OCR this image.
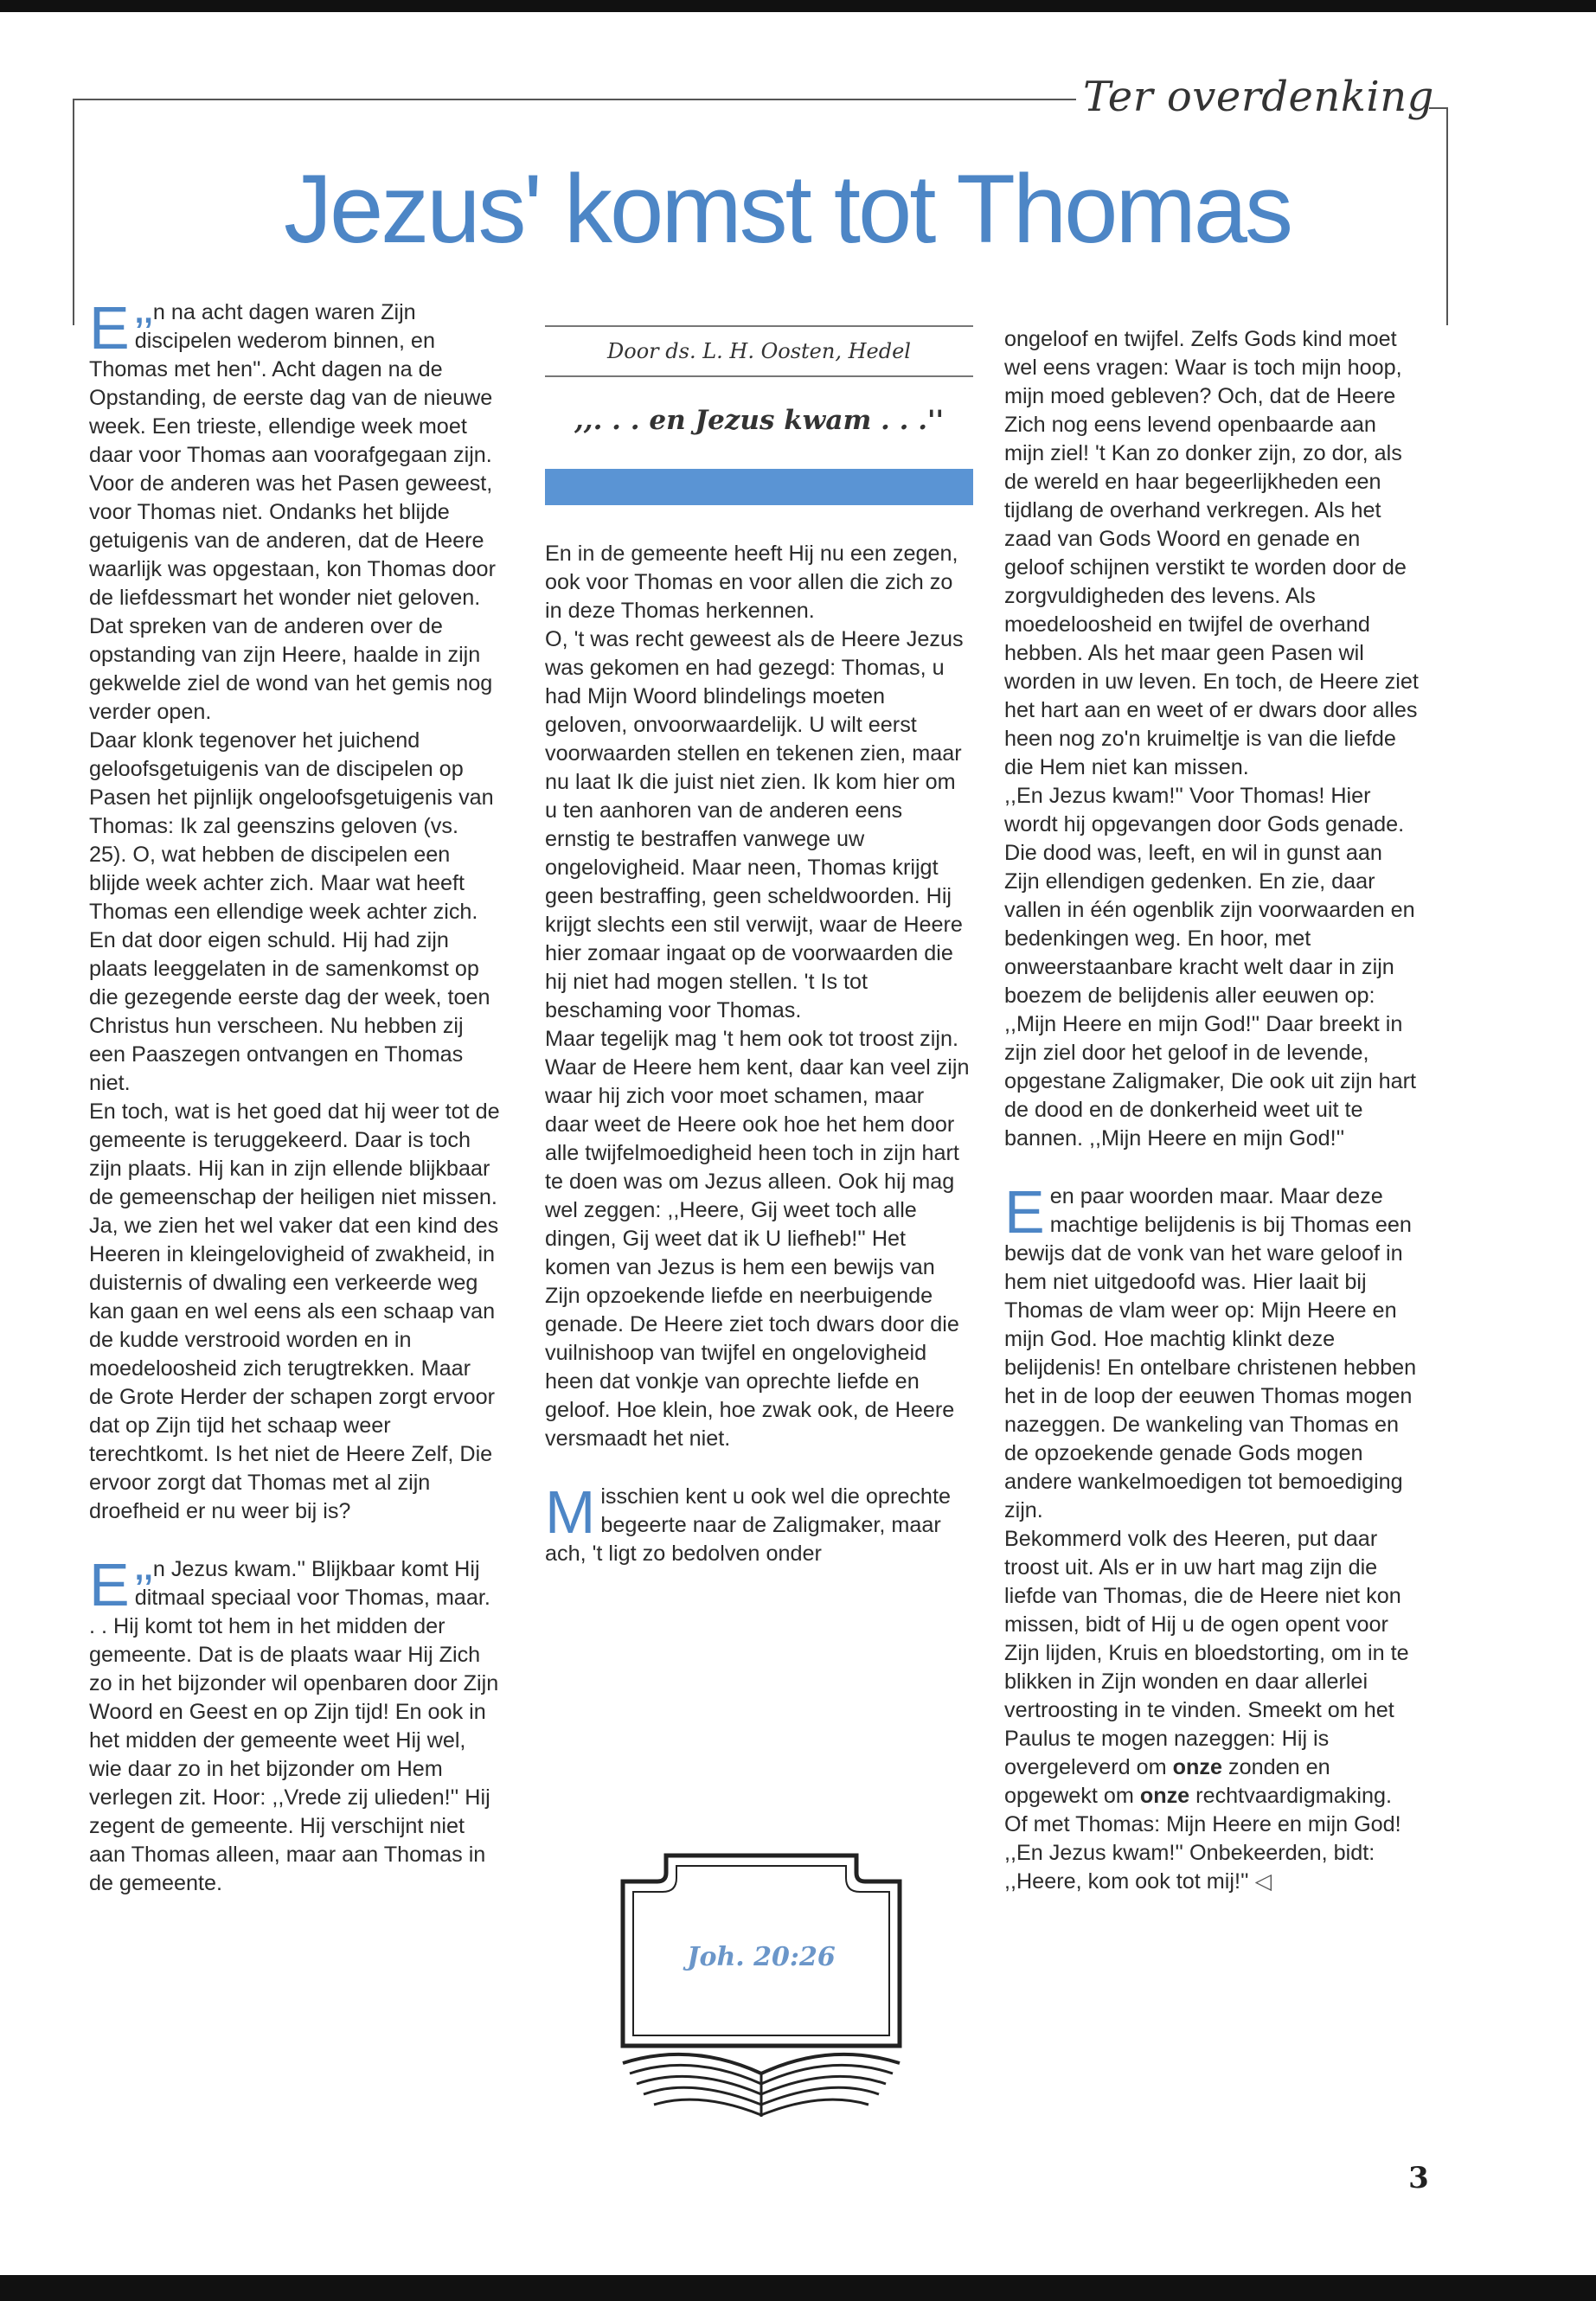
Ter overdenking
Jezus' komst tot Thomas

,,
E n na acht dagen waren Zijn discipelen wederom binnen, en Thomas met hen''. Acht dagen na de Opstanding, de eerste dag van de nieuwe week. Een trieste, ellendige week moet daar voor Thomas aan voorafgegaan zijn. Voor de anderen was het Pasen geweest, voor Thomas niet. Ondanks het blijde getuigenis van de anderen, dat de Heere waarlijk was opgestaan, kon Thomas door de liefdessmart het wonder niet geloven. Dat spreken van de anderen over de opstanding van zijn Heere, haalde in zijn gekwelde ziel de wond van het gemis nog verder open.

Daar klonk tegenover het juichend geloofsgetuigenis van de discipelen op Pasen het pijnlijk ongeloofsgetuigenis van Thomas: Ik zal geenszins geloven (vs. 25). O, wat hebben de discipelen een blijde week achter zich. Maar wat heeft Thomas een ellendige week achter zich. En dat door eigen schuld. Hij had zijn plaats leeggelaten in de samenkomst op die gezegende eerste dag der week, toen Christus hun verscheen. Nu hebben zij een Paaszegen ontvangen en Thomas niet.

En toch, wat is het goed dat hij weer tot de gemeente is teruggekeerd. Daar is toch zijn plaats. Hij kan in zijn ellende blijkbaar de gemeenschap der heiligen niet missen. Ja, we zien het wel vaker dat een kind des Heeren in kleingelovigheid of zwakheid, in duisternis of dwaling een verkeerde weg kan gaan en wel eens als een schaap van de kudde verstrooid worden en in moedeloosheid zich terugtrekken. Maar de Grote Herder der schapen zorgt ervoor dat op Zijn tijd het schaap weer terechtkomt. Is het niet de Heere Zelf, Die ervoor zorgt dat Thomas met al zijn droefheid er nu weer bij is?

,,
E n Jezus kwam.'' Blijkbaar komt Hij ditmaal speciaal voor Thomas, maar. . . Hij komt tot hem in het midden der gemeente. Dat is de plaats waar Hij Zich zo in het bijzonder wil openbaren door Zijn Woord en Geest en op Zijn tijd! En ook in het midden der gemeente weet Hij wel, wie daar zo in het bijzonder om Hem verlegen zit. Hoor: ,,Vrede zij ulieden!'' Hij zegent de gemeente. Hij verschijnt niet aan Thomas alleen, maar aan Thomas in de gemeente.

Door ds. L. H. Oosten, Hedel
,,. . . en Jezus kwam . . .''

En in de gemeente heeft Hij nu een zegen, ook voor Thomas en voor allen die zich zo in deze Thomas herkennen.

O, 't was recht geweest als de Heere Jezus was gekomen en had gezegd: Thomas, u had Mijn Woord blindelings moeten geloven, onvoorwaardelijk. U wilt eerst voorwaarden stellen en tekenen zien, maar nu laat Ik die juist niet zien. Ik kom hier om u ten aanhoren van de anderen eens ernstig te bestraffen vanwege uw ongelovigheid. Maar neen, Thomas krijgt geen bestraffing, geen scheldwoorden. Hij krijgt slechts een stil verwijt, waar de Heere hier zomaar ingaat op de voorwaarden die hij niet had mogen stellen. 't Is tot beschaming voor Thomas.

Maar tegelijk mag 't hem ook tot troost zijn. Waar de Heere hem kent, daar kan veel zijn waar hij zich voor moet schamen, maar daar weet de Heere ook hoe het hem door alle twijfelmoedigheid heen toch in zijn hart te doen was om Jezus alleen. Ook hij mag wel zeggen: ,,Heere, Gij weet toch alle dingen, Gij weet dat ik U liefheb!'' Het komen van Jezus is hem een bewijs van Zijn opzoekende liefde en neerbuigende genade. De Heere ziet toch dwars door die vuilnishoop van twijfel en ongelovigheid heen dat vonkje van oprechte liefde en geloof. Hoe klein, hoe zwak ook, de Heere versmaadt het niet.

Misschien kent u ook wel die oprechte begeerte naar de Zaligmaker, maar ach, 't ligt zo bedolven onder

Joh. 20:26

ongeloof en twijfel. Zelfs Gods kind moet wel eens vragen: Waar is toch mijn hoop, mijn moed gebleven? Och, dat de Heere Zich nog eens levend openbaarde aan mijn ziel! 't Kan zo donker zijn, zo dor, als de wereld en haar begeerlijkheden een tijdlang de overhand verkregen. Als het zaad van Gods Woord en genade en geloof schijnen verstikt te worden door de zorgvuldigheden des levens. Als moedeloosheid en twijfel de overhand hebben. Als het maar geen Pasen wil worden in uw leven. En toch, de Heere ziet het hart aan en weet of er dwars door alles heen nog zo'n kruimeltje is van die liefde die Hem niet kan missen.

,,En Jezus kwam!'' Voor Thomas! Hier wordt hij opgevangen door Gods genade. Die dood was, leeft, en wil in gunst aan Zijn ellendigen gedenken. En zie, daar vallen in één ogenblik zijn voorwaarden en bedenkingen weg. En hoor, met onweerstaanbare kracht welt daar in zijn boezem de belijdenis aller eeuwen op: ,,Mijn Heere en mijn God!'' Daar breekt in zijn ziel door het geloof in de levende, opgestane Zaligmaker, Die ook uit zijn hart de dood en de donkerheid weet uit te bannen. ,,Mijn Heere en mijn God!''

Een paar woorden maar. Maar deze machtige belijdenis is bij Thomas een bewijs dat de vonk van het ware geloof in hem niet uitgedoofd was. Hier laait bij Thomas de vlam weer op: Mijn Heere en mijn God. Hoe machtig klinkt deze belijdenis! En ontelbare christenen hebben het in de loop der eeuwen Thomas mogen nazeggen. De wankeling van Thomas en de opzoekende genade Gods mogen andere wankelmoedigen tot bemoediging zijn.

Bekommerd volk des Heeren, put daar troost uit. Als er in uw hart mag zijn die liefde van Thomas, die de Heere niet kon missen, bidt of Hij u de ogen opent voor Zijn lijden, Kruis en bloedstorting, om in te blikken in Zijn wonden en daar allerlei vertroosting in te vinden. Smeekt om het Paulus te mogen nazeggen: Hij is overgeleverd om onze zonden en opgewekt om onze rechtvaardigmaking. Of met Thomas: Mijn Heere en mijn God!

,,En Jezus kwam!'' Onbekeerden, bidt: ,,Heere, kom ook tot mij!'' ◁

3
